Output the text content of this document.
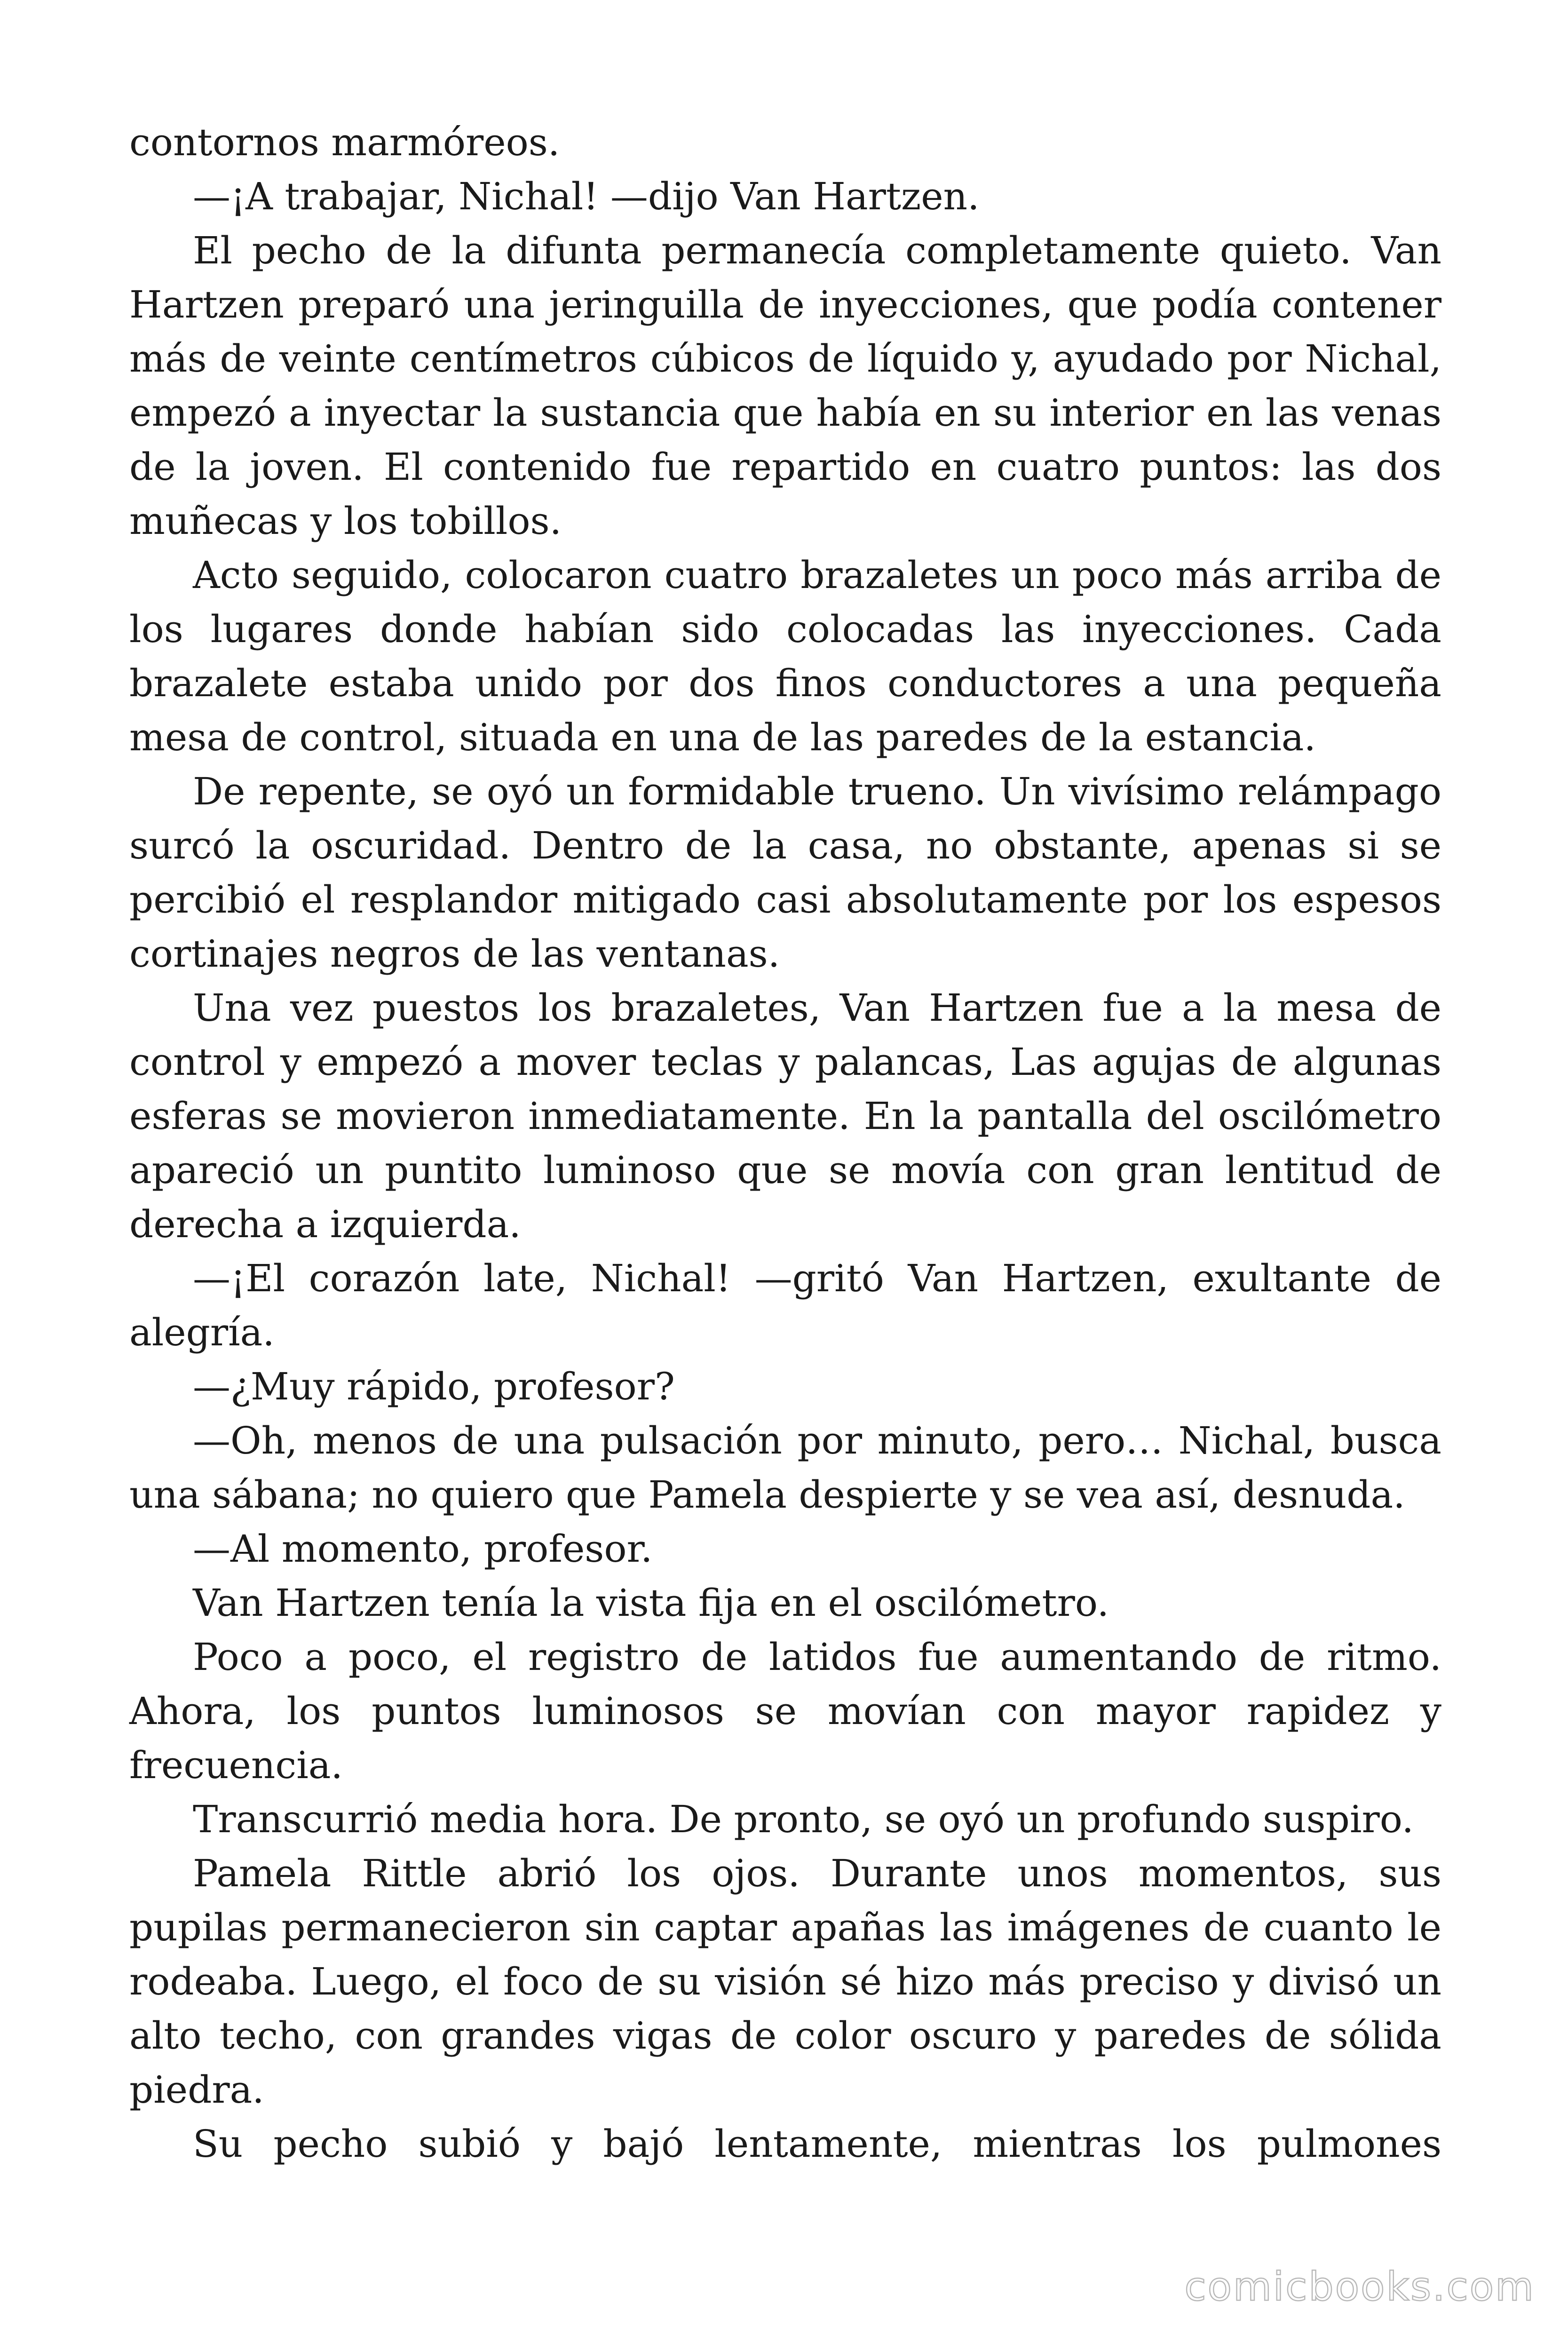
contornos marmóreos.

—¡A trabajar, Nichal! —dijo Van Hartzen.

El pecho de la difunta permanecía completamente quieto. Van Hartzen preparó una jeringuilla de inyecciones, que podía contener más de veinte centímetros cúbicos de líquido y, ayudado por Nichal, empezó a inyectar la sustancia que había en su interior en las venas de la joven. El contenido fue repartido en cuatro puntos: las dos muñecas y los tobillos.

Acto seguido, colocaron cuatro brazaletes un poco más arriba de los lugares donde habían sido colocadas las inyecciones. Cada brazalete estaba unido por dos finos conductores a una pequeña mesa de control, situada en una de las paredes de la estancia.

De repente, se oyó un formidable trueno. Un vivísimo relámpago surcó la oscuridad. Dentro de la casa, no obstante, apenas si se percibió el resplandor mitigado casi absolutamente por los espesos cortinajes negros de las ventanas.

Una vez puestos los brazaletes, Van Hartzen fue a la mesa de control y empezó a mover teclas y palancas, Las agujas de algunas esferas se movieron inmediatamente. En la pantalla del oscilómetro apareció un puntito luminoso que se movía con gran lentitud de derecha a izquierda.

—¡El corazón late, Nichal! —gritó Van Hartzen, exultante de alegría.

—¿Muy rápido, profesor?

—Oh, menos de una pulsación por minuto, pero… Nichal, busca una sábana; no quiero que Pamela despierte y se vea así, desnuda.

—Al momento, profesor.

Van Hartzen tenía la vista fija en el oscilómetro.

Poco a poco, el registro de latidos fue aumentando de ritmo. Ahora, los puntos luminosos se movían con mayor rapidez y frecuencia.

Transcurrió media hora. De pronto, se oyó un profundo suspiro.

Pamela Rittle abrió los ojos. Durante unos momentos, sus pupilas permanecieron sin captar apañas las imágenes de cuanto le rodeaba. Luego, el foco de su visión sé hizo más preciso y divisó un alto techo, con grandes vigas de color oscuro y paredes de sólida piedra.

Su pecho subió y bajó lentamente, mientras los pulmones

comicbooks.com
